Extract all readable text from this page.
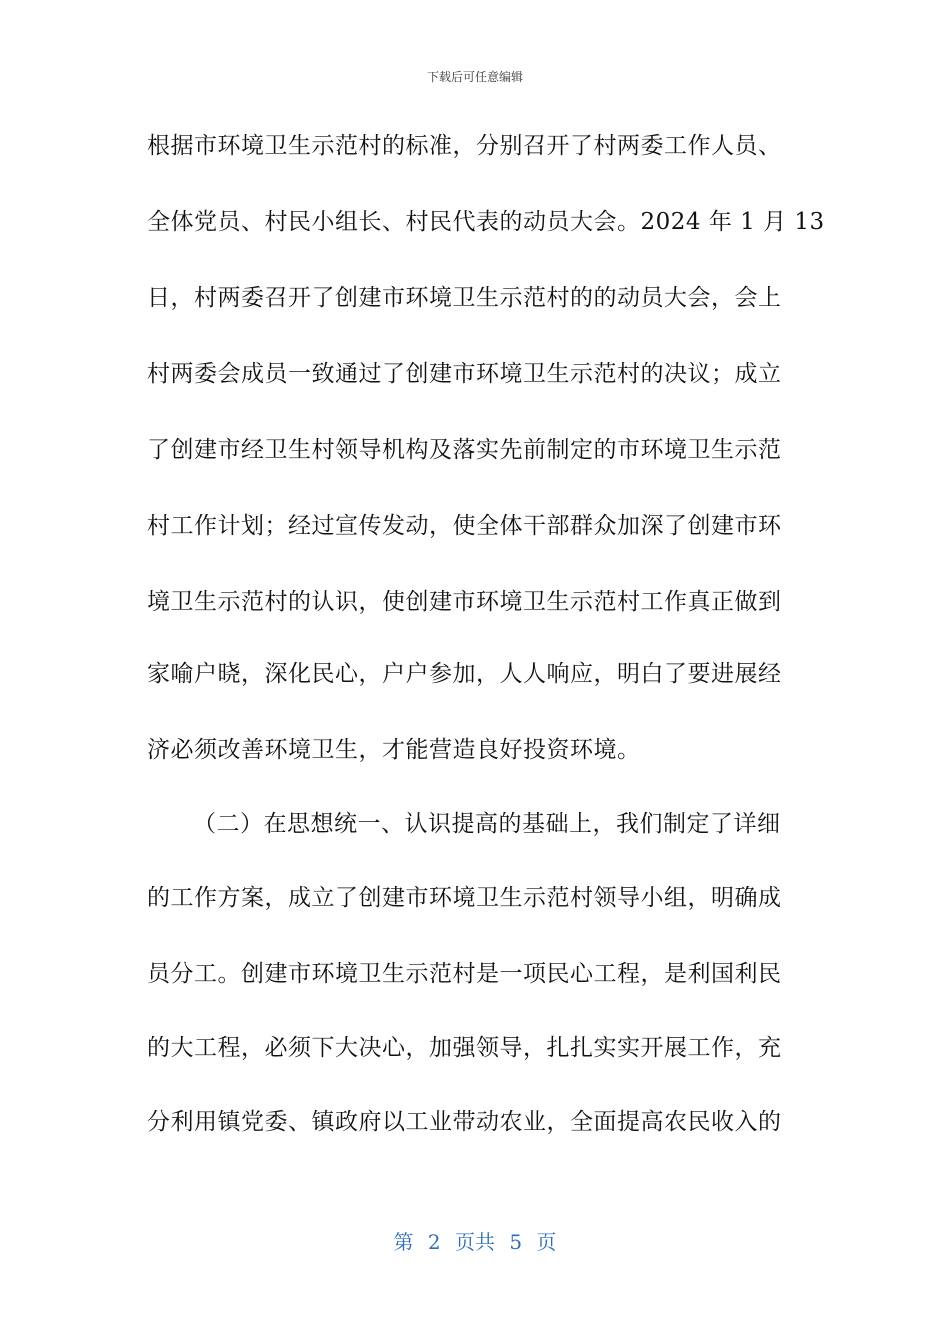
下载后可任意编辑
根据市环境卫生示范村的标准，分别召开了村两委工作人员、
全体党员、村民小组长、村民代表的动员大会。2024 年 1 月 13
日，村两委召开了创建市环境卫生示范村的的动员大会，会上
村两委会成员一致通过了创建市环境卫生示范村的决议；成立
了创建市经卫生村领导机构及落实先前制定的市环境卫生示范
村工作计划；经过宣传发动，使全体干部群众加深了创建市环
境卫生示范村的认识，使创建市环境卫生示范村工作真正做到
家喻户晓，深化民心，户户参加，人人响应，明白了要进展经
济必须改善环境卫生，才能营造良好投资环境。
（二）在思想统一、认识提高的基础上，我们制定了详细
的工作方案，成立了创建市环境卫生示范村领导小组，明确成
员分工。创建市环境卫生示范村是一项民心工程，是利国利民
的大工程，必须下大决心，加强领导，扎扎实实开展工作，充
分利用镇党委、镇政府以工业带动农业，全面提高农民收入的
第 2 页共 5 页
